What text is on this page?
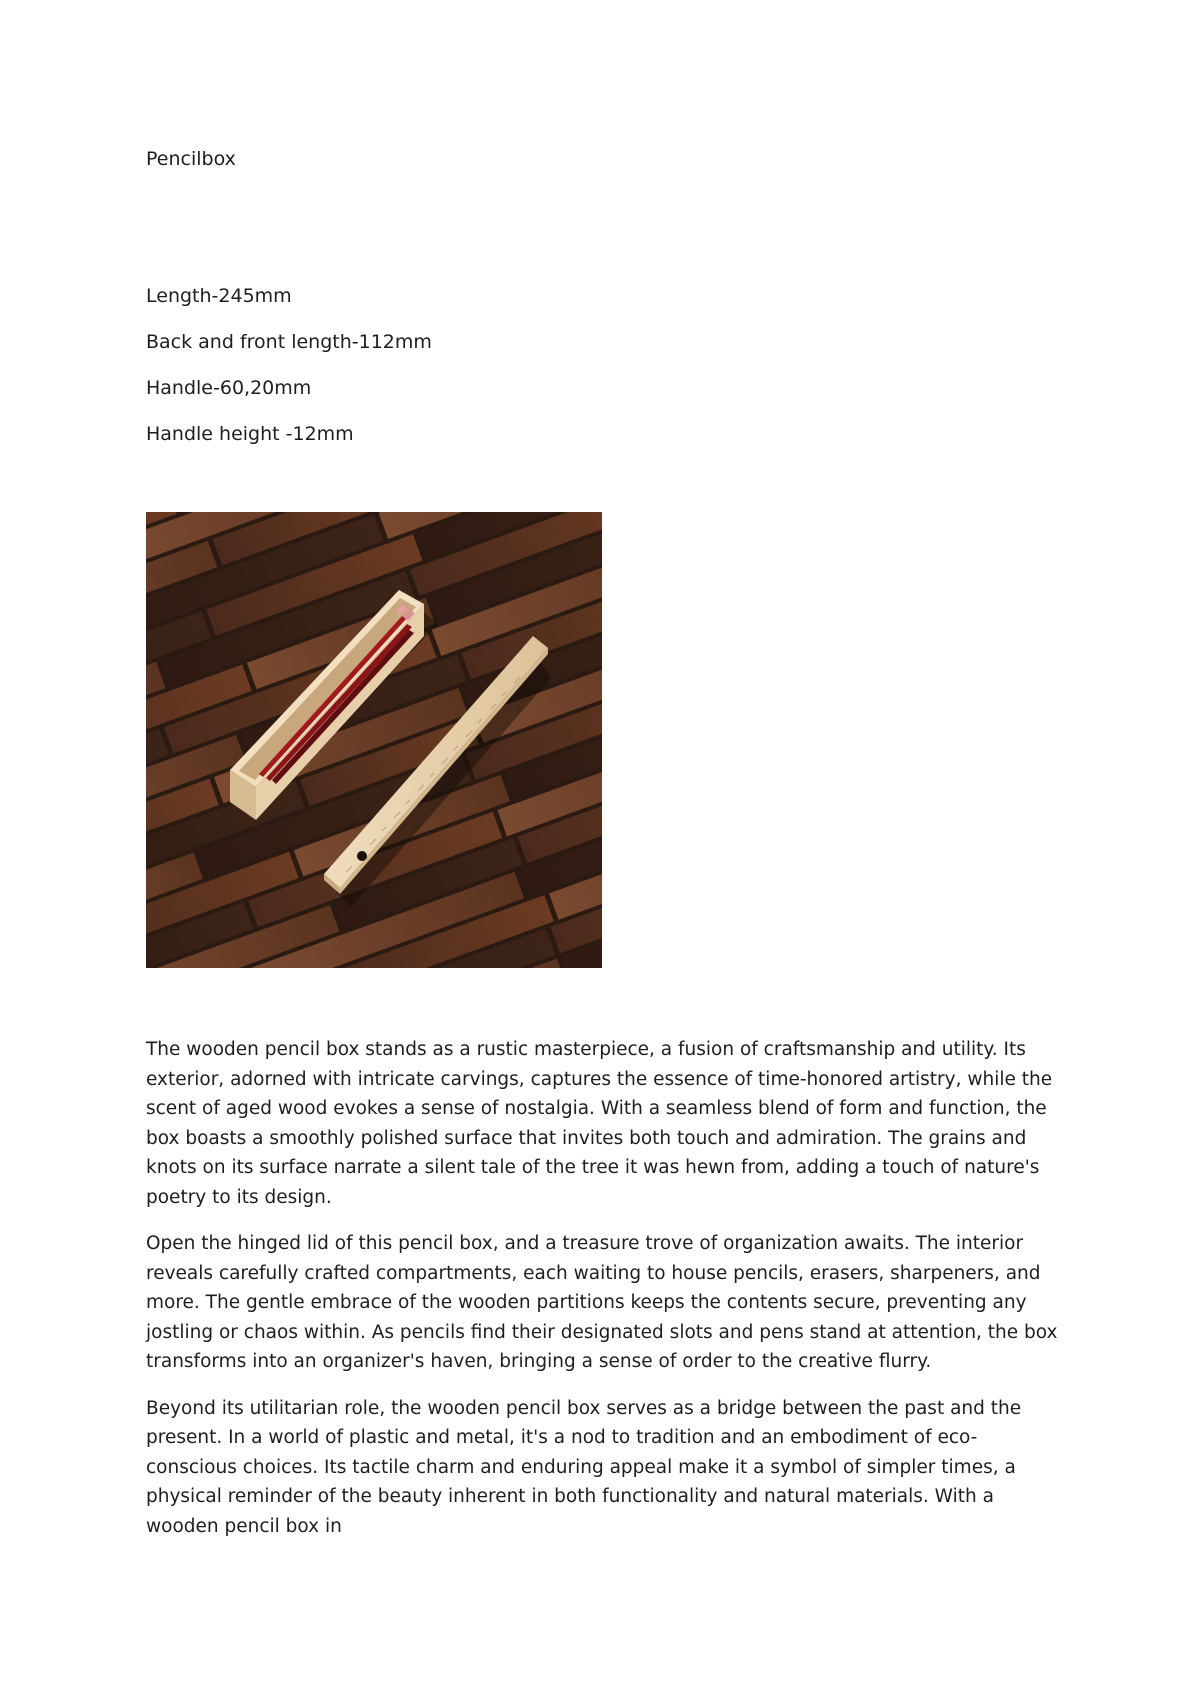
Pencilbox
Length-245mm
Back and front length-112mm
Handle-60,20mm
Handle height -12mm

The wooden pencil box stands as a rustic masterpiece, a fusion of craftsmanship and utility. Its exterior, adorned with intricate carvings, captures the essence of time-honored artistry, while the scent of aged wood evokes a sense of nostalgia. With a seamless blend of form and function, the box boasts a smoothly polished surface that invites both touch and admiration. The grains and knots on its surface narrate a silent tale of the tree it was hewn from, adding a touch of nature's poetry to its design.

Open the hinged lid of this pencil box, and a treasure trove of organization awaits. The interior reveals carefully crafted compartments, each waiting to house pencils, erasers, sharpeners, and more. The gentle embrace of the wooden partitions keeps the contents secure, preventing any jostling or chaos within. As pencils find their designated slots and pens stand at attention, the box transforms into an organizer's haven, bringing a sense of order to the creative flurry.

Beyond its utilitarian role, the wooden pencil box serves as a bridge between the past and the present. In a world of plastic and metal, it's a nod to tradition and an embodiment of eco-conscious choices. Its tactile charm and enduring appeal make it a symbol of simpler times, a physical reminder of the beauty inherent in both functionality and natural materials. With a wooden pencil box in
